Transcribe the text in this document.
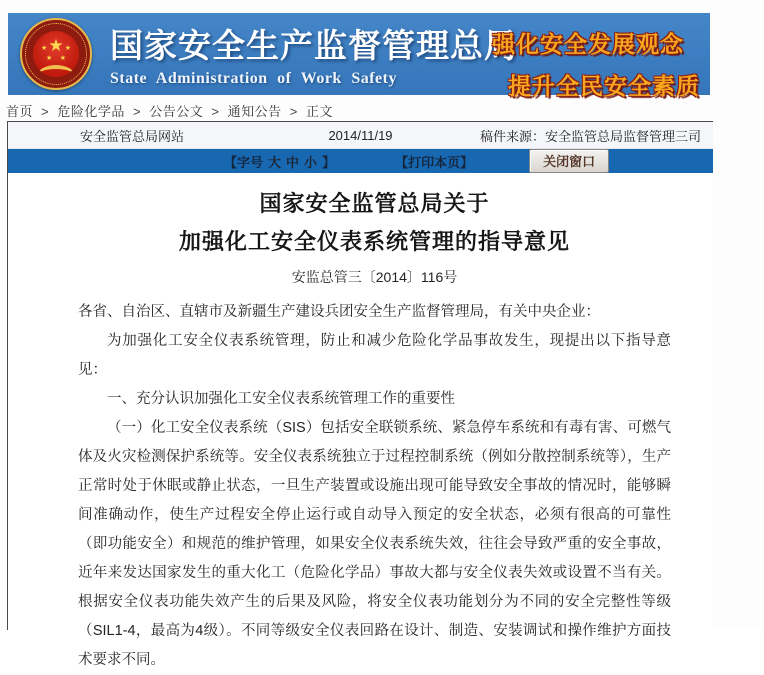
★
★ ★
★ ★ 国家安全生产监督管理总局
State Administration of Work Safety
强化安全发展观念
提升全民安全素质
首页 > 危险化学品 > 公告公文 > 通知公告 > 正文
安全监管总局网站	2014/11/19	稿件来源：安全监管总局监督管理三司
【字号 大 中 小 】	【打印本页】	关闭窗口
国家安全监管总局关于
加强化工安全仪表系统管理的指导意见
安监总管三〔2014〕116号

各省、自治区、直辖市及新疆生产建设兵团安全生产监督管理局，有关中央企业：

为加强化工安全仪表系统管理，防止和减少危险化学品事故发生，现提出以下指导意见：

一、充分认识加强化工安全仪表系统管理工作的重要性

（一）化工安全仪表系统（SIS）包括安全联锁系统、紧急停车系统和有毒有害、可燃气体及火灾检测保护系统等。安全仪表系统独立于过程控制系统（例如分散控制系统等），生产正常时处于休眠或静止状态，一旦生产装置或设施出现可能导致安全事故的情况时，能够瞬间准确动作，使生产过程安全停止运行或自动导入预定的安全状态，必须有很高的可靠性（即功能安全）和规范的维护管理，如果安全仪表系统失效，往往会导致严重的安全事故，近年来发达国家发生的重大化工（危险化学品）事故大都与安全仪表失效或设置不当有关。根据安全仪表功能失效产生的后果及风险，将安全仪表功能划分为不同的安全完整性等级（SIL1-4，最高为4级）。不同等级安全仪表回路在设计、制造、安装调试和操作维护方面技术要求不同。
